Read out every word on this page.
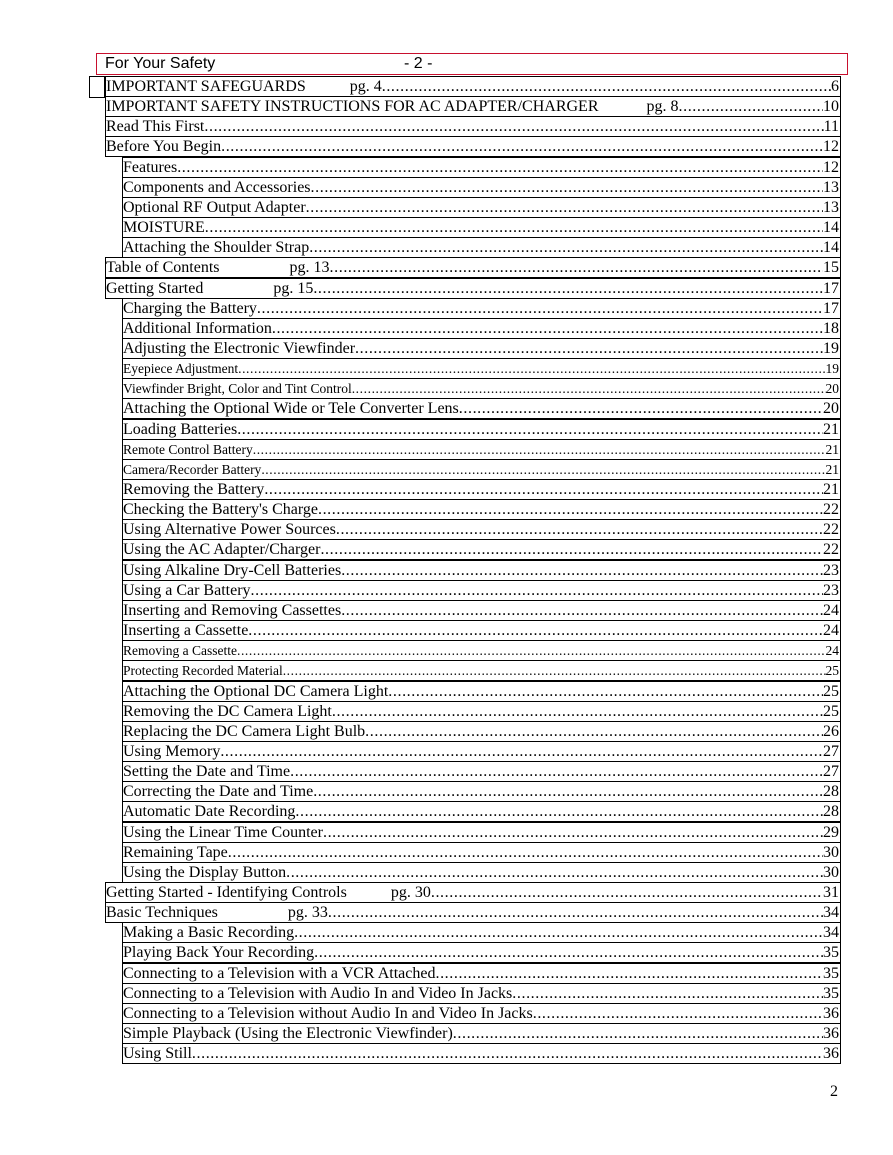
For Your Safety	- 2 -
IMPORTANT SAFEGUARDS	pg. 4 .....	6
IMPORTANT SAFETY INSTRUCTIONS FOR AC ADAPTER/CHARGER	pg. 8 .....	10
Read This First .....	11
Before You Begin .....	12
Features .....	12
Components and Accessories .....	13
Optional RF Output Adapter .....	13
MOISTURE .....	14
Attaching the Shoulder Strap .....	14
Table of Contents	pg. 13 .....	15
Getting Started	pg. 15 .....	17
Charging the Battery .....	17
Additional Information .....	18
Adjusting the Electronic Viewfinder .....	19
Eyepiece Adjustment .....	19
Viewfinder Bright, Color and Tint Control .....	20
Attaching the Optional Wide or Tele Converter Lens .....	20
Loading Batteries .....	21
Remote Control Battery .....	21
Camera/Recorder Battery .....	21
Removing the Battery .....	21
Checking the Battery's Charge .....	22
Using Alternative Power Sources .....	22
Using the AC Adapter/Charger .....	22
Using Alkaline Dry-Cell Batteries .....	23
Using a Car Battery .....	23
Inserting and Removing Cassettes .....	24
Inserting a Cassette .....	24
Removing a Cassette .....	24
Protecting Recorded Material .....	25
Attaching the Optional DC Camera Light .....	25
Removing the DC Camera Light .....	25
Replacing the DC Camera Light Bulb .....	26
Using Memory .....	27
Setting the Date and Time .....	27
Correcting the Date and Time .....	28
Automatic Date Recording .....	28
Using the Linear Time Counter .....	29
Remaining Tape .....	30
Using the Display Button .....	30
Getting Started - Identifying Controls	pg. 30 .....	31
Basic Techniques	pg. 33 .....	34
Making a Basic Recording .....	34
Playing Back Your Recording .....	35
Connecting to a Television with a VCR Attached .....	35
Connecting to a Television with Audio In and Video In Jacks .....	35
Connecting to a Television without Audio In and Video In Jacks .....	36
Simple Playback (Using the Electronic Viewfinder) .....	36
Using Still .....	36
2
